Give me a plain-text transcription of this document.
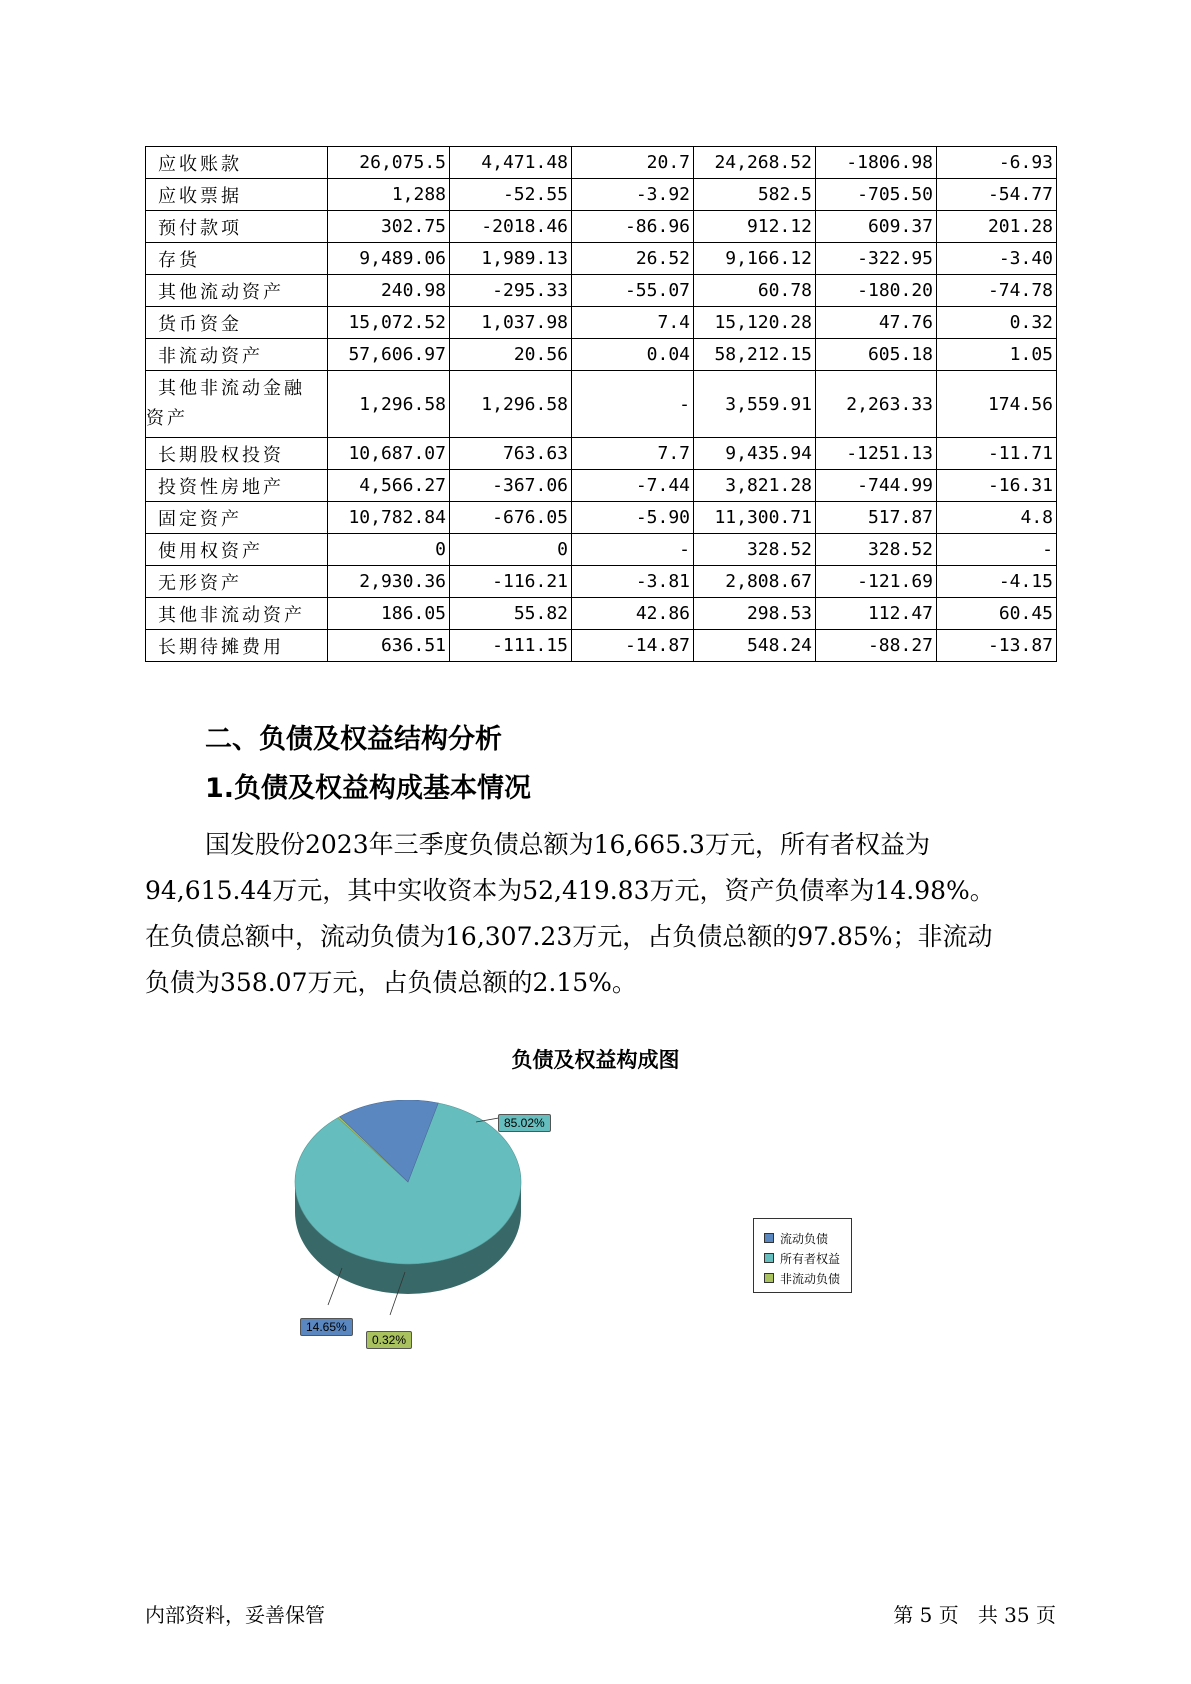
应收账款	26,075.5	4,471.48	20.7	24,268.52	-1806.98	-6.93
应收票据	1,288	-52.55	-3.92	582.5	-705.50	-54.77
预付款项	302.75	-2018.46	-86.96	912.12	609.37	201.28
存货	9,489.06	1,989.13	26.52	9,166.12	-322.95	-3.40
其他流动资产	240.98	-295.33	-55.07	60.78	-180.20	-74.78
货币资金	15,072.52	1,037.98	7.4	15,120.28	47.76	0.32
非流动资产	57,606.97	20.56	0.04	58,212.15	605.18	1.05
其他非流动金融资产	1,296.58	1,296.58	-	3,559.91	2,263.33	174.56
长期股权投资	10,687.07	763.63	7.7	9,435.94	-1251.13	-11.71
投资性房地产	4,566.27	-367.06	-7.44	3,821.28	-744.99	-16.31
固定资产	10,782.84	-676.05	-5.90	11,300.71	517.87	4.8
使用权资产	0	0	-	328.52	328.52	-
无形资产	2,930.36	-116.21	-3.81	2,808.67	-121.69	-4.15
其他非流动资产	186.05	55.82	42.86	298.53	112.47	60.45
长期待摊费用	636.51	-111.15	-14.87	548.24	-88.27	-13.87
二、负债及权益结构分析
1.负债及权益构成基本情况
国发股份2023年三季度负债总额为16,665.3万元，所有者权益为
94,615.44万元，其中实收资本为52,419.83万元，资产负债率为14.98%。
在负债总额中，流动负债为16,307.23万元，占负债总额的97.85%；非流动
负债为358.07万元，占负债总额的2.15%。
负债及权益构成图
85.02%
14.65%
0.32%
流动负债
所有者权益
非流动负债
内部资料，妥善保管	第 5 页   共 35 页
